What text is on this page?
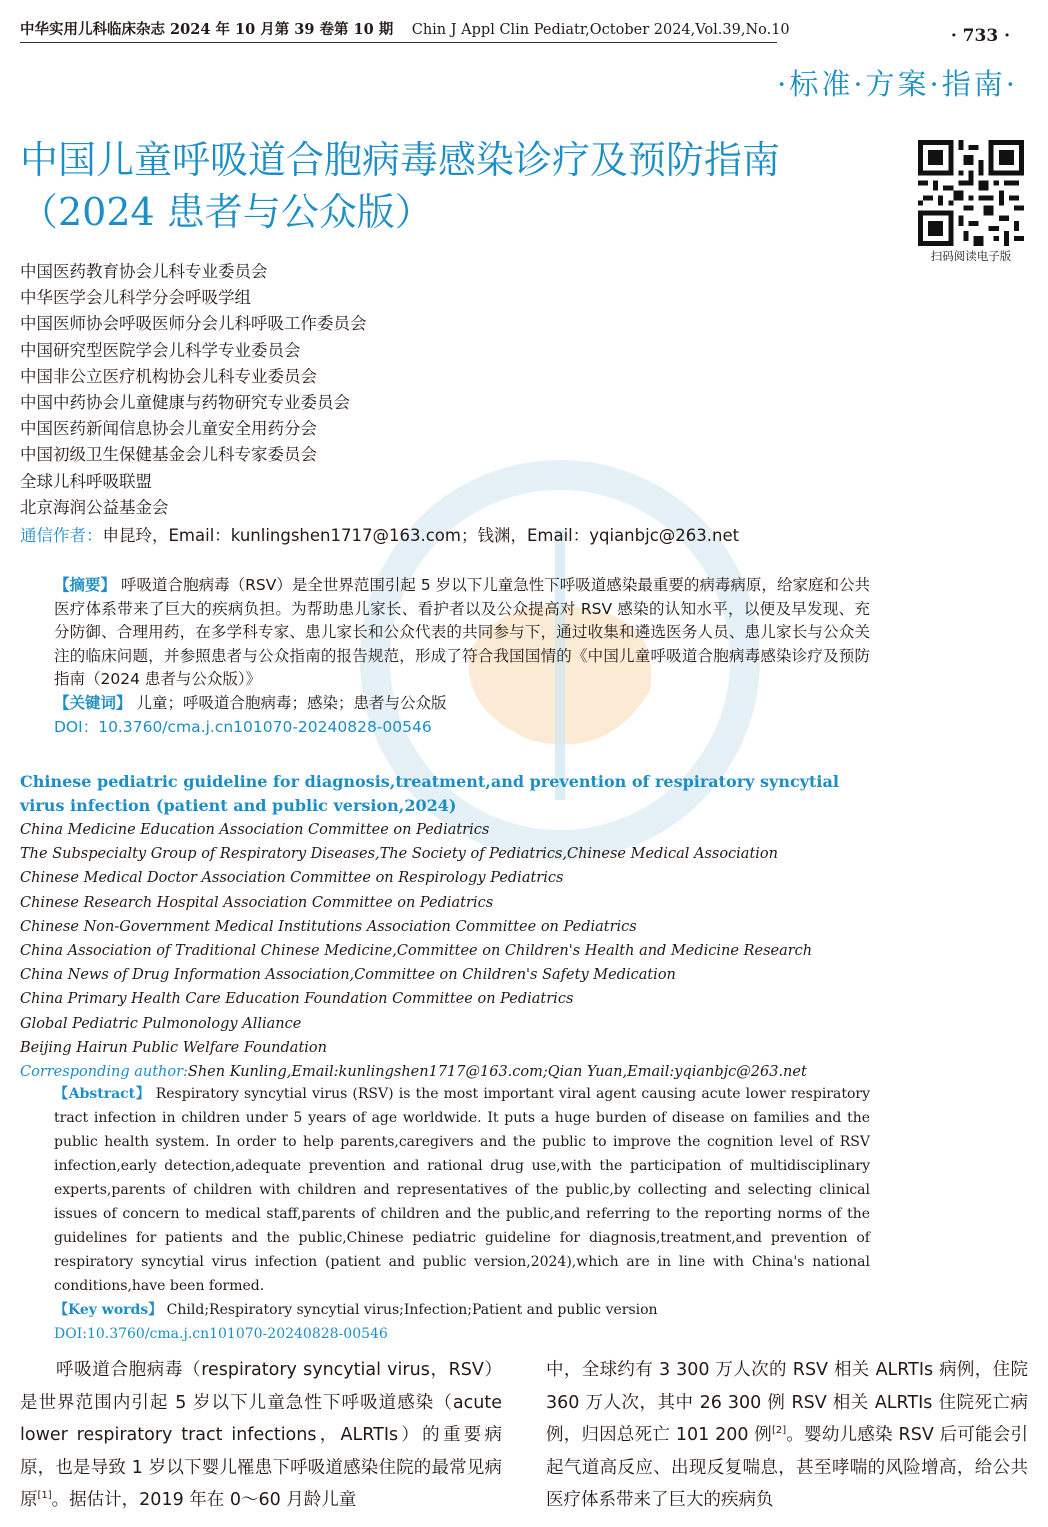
中华实用儿科临床杂志 2024 年 10 月第 39 卷第 10 期 Chin J Appl Clin Pediatr,October 2024,Vol.39,No.10	· 733 ·
·标准·方案·指南·
中国儿童呼吸道合胞病毒感染诊疗及预防指南
（2024 患者与公众版）
扫码阅读电子版
中国医药教育协会儿科专业委员会
中华医学会儿科学分会呼吸学组
中国医师协会呼吸医师分会儿科呼吸工作委员会
中国研究型医院学会儿科学专业委员会
中国非公立医疗机构协会儿科专业委员会
中国中药协会儿童健康与药物研究专业委员会
中国医药新闻信息协会儿童安全用药分会
中国初级卫生保健基金会儿科专家委员会
全球儿科呼吸联盟
北京海润公益基金会
通信作者：申昆玲，Email：kunlingshen1717@163.com；钱渊，Email：yqianbjc@263.net

【摘要】 呼吸道合胞病毒（RSV）是全世界范围引起 5 岁以下儿童急性下呼吸道感染最重要的病毒病原，给家庭和公共医疗体系带来了巨大的疾病负担。为帮助患儿家长、看护者以及公众提高对 RSV 感染的认知水平，以便及早发现、充分防御、合理用药，在多学科专家、患儿家长和公众代表的共同参与下，通过收集和遴选医务人员、患儿家长与公众关注的临床问题，并参照患者与公众指南的报告规范，形成了符合我国国情的《中国儿童呼吸道合胞病毒感染诊疗及预防指南（2024 患者与公众版）》

【关键词】 儿童；呼吸道合胞病毒；感染；患者与公众版

DOI：10.3760/cma.j.cn101070-20240828-00546

Chinese pediatric guideline for diagnosis,treatment,and prevention of respiratory syncytial virus infection (patient and public version,2024)
China Medicine Education Association Committee on Pediatrics
The Subspecialty Group of Respiratory Diseases,The Society of Pediatrics,Chinese Medical Association
Chinese Medical Doctor Association Committee on Respirology Pediatrics
Chinese Research Hospital Association Committee on Pediatrics
Chinese Non-Government Medical Institutions Association Committee on Pediatrics
China Association of Traditional Chinese Medicine,Committee on Children's Health and Medicine Research
China News of Drug Information Association,Committee on Children's Safety Medication
China Primary Health Care Education Foundation Committee on Pediatrics
Global Pediatric Pulmonology Alliance
Beijing Hairun Public Welfare Foundation
Corresponding author:Shen Kunling,Email:kunlingshen1717@163.com;Qian Yuan,Email:yqianbjc@263.net

【Abstract】 Respiratory syncytial virus (RSV) is the most important viral agent causing acute lower respiratory tract infection in children under 5 years of age worldwide. It puts a huge burden of disease on families and the public health system. In order to help parents,caregivers and the public to improve the cognition level of RSV infection,early detection,adequate prevention and rational drug use,with the participation of multidisciplinary experts,parents of children with children and representatives of the public,by collecting and selecting clinical issues of concern to medical staff,parents of children and the public,and referring to the reporting norms of the guidelines for patients and the public,Chinese pediatric guideline for diagnosis,treatment,and prevention of respiratory syncytial virus infection (patient and public version,2024),which are in line with China's national conditions,have been formed.

【Key words】 Child;Respiratory syncytial virus;Infection;Patient and public version

DOI:10.3760/cma.j.cn101070-20240828-00546

呼吸道合胞病毒（respiratory syncytial virus，RSV）是世界范围内引起 5 岁以下儿童急性下呼吸道感染（acute lower respiratory tract infections，ALRTIs）的重要病原，也是导致 1 岁以下婴儿罹患下呼吸道感染住院的最常见病原[1]。据估计，2019 年在 0～60 月龄儿童
中，全球约有 3 300 万人次的 RSV 相关 ALRTIs 病例，住院 360 万人次，其中 26 300 例 RSV 相关 ALRTIs 住院死亡病例，归因总死亡 101 200 例[2]。婴幼儿感染 RSV 后可能会引起气道高反应、出现反复喘息，甚至哮喘的风险增高，给公共医疗体系带来了巨大的疾病负
